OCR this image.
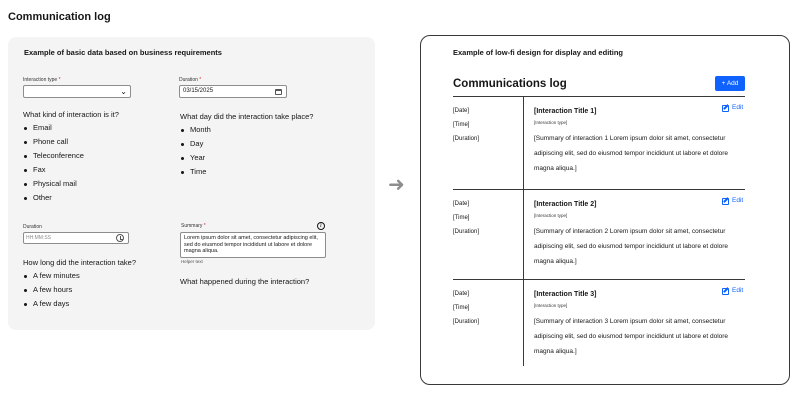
Communication log
Example of basic data based on business requirements
Interaction type *
⌄
What kind of interaction is it?
Email
Phone call
Teleconference
Fax
Physical mail
Other
Duration *
03/15/2025
What day did the interaction take place?
Month
Day
Year
Time
Duration
HH:MM:SS
How long did the interaction take?
A few minutes
A few hours
A few days
Summary *	i
Lorem ipsum dolor sit amet, consectetur adipiscing elit, sed do eiusmod tempor incididunt ut labore et dolore magna aliqua.
Helper text
What happened during the interaction?
➜
Example of low-fi design for display and editing
Communications log	+ Add
[Date]
[Time]
[Duration]
[Interaction Title 1]
[Interaction type]
[Summary of interaction 1 Lorem ipsum dolor sit amet, consectetur adipiscing elit, sed do eiusmod tempor incididunt ut labore et dolore magna aliqua.]
Edit
[Date]
[Time]
[Duration]
[Interaction Title 2]
[Interaction type]
[Summary of interaction 2 Lorem ipsum dolor sit amet, consectetur adipiscing elit, sed do eiusmod tempor incididunt ut labore et dolore magna aliqua.]
Edit
[Date]
[Time]
[Duration]
[Interaction Title 3]
[Interaction type]
[Summary of interaction 3 Lorem ipsum dolor sit amet, consectetur adipiscing elit, sed do eiusmod tempor incididunt ut labore et dolore magna aliqua.]
Edit
